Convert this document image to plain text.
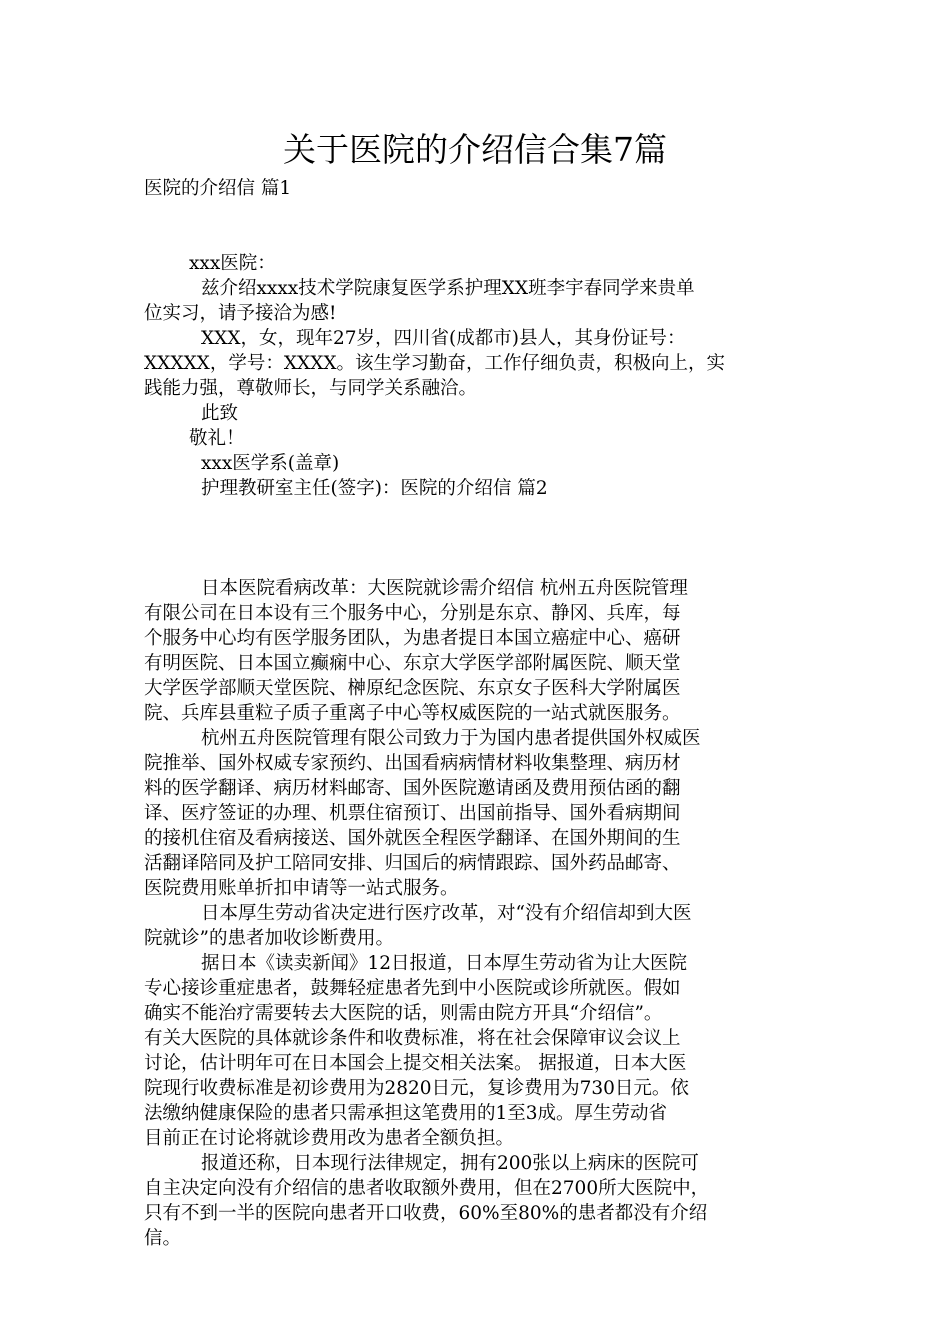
关于医院的介绍信合集7篇
医院的介绍信 篇1
xxx医院：
兹介绍xxxx技术学院康复医学系护理XX班李宇春同学来贵单
位实习，请予接洽为感!
XXX，女，现年27岁，四川省(成都市)县人，其身份证号：
XXXXX，学号：XXXX。该生学习勤奋，工作仔细负责，积极向上，实
践能力强，尊敬师长，与同学关系融洽。
此致
敬礼！
xxx医学系(盖章)
护理教研室主任(签字)：医院的介绍信 篇2
日本医院看病改革：大医院就诊需介绍信 杭州五舟医院管理
有限公司在日本设有三个服务中心，分别是东京、静冈、兵库，每
个服务中心均有医学服务团队，为患者提日本国立癌症中心、癌研
有明医院、日本国立癫痫中心、东京大学医学部附属医院、顺天堂
大学医学部顺天堂医院、榊原纪念医院、东京女子医科大学附属医
院、兵库县重粒子质子重离子中心等权威医院的一站式就医服务。
杭州五舟医院管理有限公司致力于为国内患者提供国外权威医
院推举、国外权威专家预约、出国看病病情材料收集整理、病历材
料的医学翻译、病历材料邮寄、国外医院邀请函及费用预估函的翻
译、医疗签证的办理、机票住宿预订、出国前指导、国外看病期间
的接机住宿及看病接送、国外就医全程医学翻译、在国外期间的生
活翻译陪同及护工陪同安排、归国后的病情跟踪、国外药品邮寄、
医院费用账单折扣申请等一站式服务。
日本厚生劳动省决定进行医疗改革，对“没有介绍信却到大医
院就诊”的患者加收诊断费用。
据日本《读卖新闻》12日报道，日本厚生劳动省为让大医院
专心接诊重症患者，鼓舞轻症患者先到中小医院或诊所就医。假如
确实不能治疗需要转去大医院的话，则需由院方开具“介绍信”。
有关大医院的具体就诊条件和收费标准，将在社会保障审议会议上
讨论，估计明年可在日本国会上提交相关法案。 据报道，日本大医
院现行收费标准是初诊费用为2820日元，复诊费用为730日元。依
法缴纳健康保险的患者只需承担这笔费用的1至3成。厚生劳动省
目前正在讨论将就诊费用改为患者全额负担。
报道还称，日本现行法律规定，拥有200张以上病床的医院可
自主决定向没有介绍信的患者收取额外费用，但在2700所大医院中，
只有不到一半的医院向患者开口收费，60%至80%的患者都没有介绍
信。
